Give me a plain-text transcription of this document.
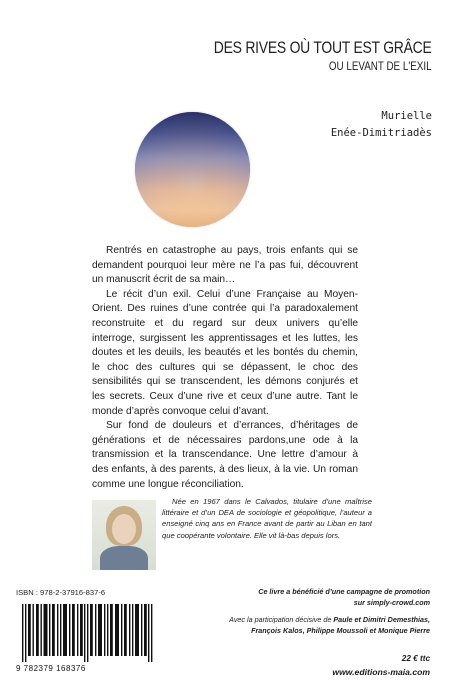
DES RIVES OÙ TOUT EST GRÂCE
OU LEVANT DE L'EXIL
Murielle
Enée-Dimitriadès

Rentrés en catastrophe au pays, trois enfants qui se demandent pourquoi leur mère ne l’a pas fui, découvrent un manuscrit écrit de sa main…

Le récit d’un exil. Celui d’une Française au Moyen-Orient. Des ruines d’une contrée qui l’a paradoxalement reconstruite et du regard sur deux univers qu’elle interroge, surgissent les apprentissages et les luttes, les doutes et les deuils, les beautés et les bontés du chemin, le choc des cultures qui se dépassent, le choc des sensibilités qui se transcendent, les démons conjurés et les secrets. Ceux d’une rive et ceux d’une autre. Tant le monde d’après convoque celui d’avant.

Sur fond de douleurs et d’errances, d’héritages de générations et de nécessaires pardons,une ode à la transmission et la transcendance. Une lettre d’amour à des enfants, à des parents, à des lieux, à la vie. Un roman comme une longue réconciliation.

Née en 1967 dans le Calvados, titulaire d’une maîtrise littéraire et d’un DEA de sociologie et géopolitique, l’auteur a enseigné cinq ans en France avant de partir au Liban en tant que coopérante volontaire. Elle vit là-bas depuis lors.

ISBN : 978-2-37916-837-6
9 782379 168376
Ce livre a bénéficié d’une campagne de promotion
sur simply-crowd.com
Avec la participation décisive de Paule et Dimitri Demesthias,
François Kalos, Philippe Moussoli et Monique Pierre
22 € ttc
www.editions-maia.com
